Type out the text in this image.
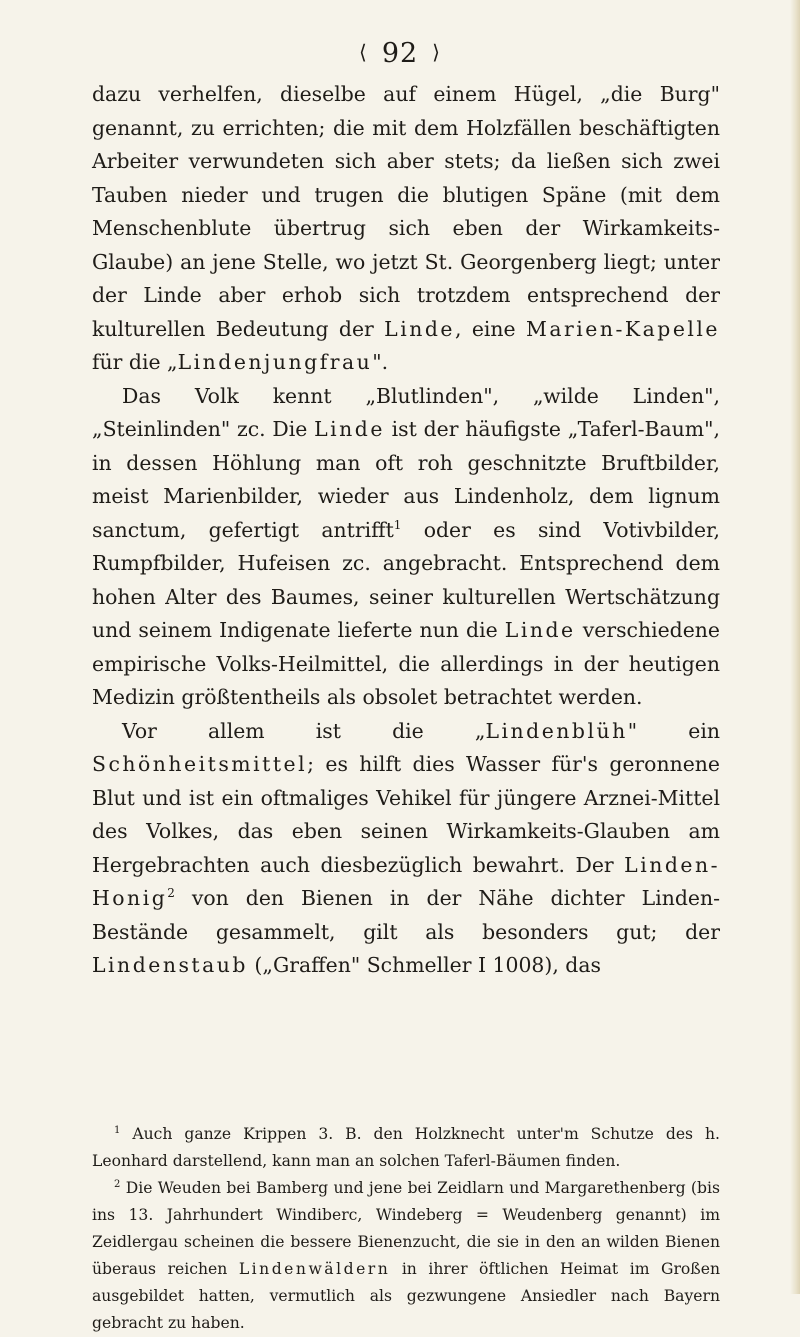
⟨ 92 ⟩

dazu verhelfen, dieselbe auf einem Hügel, „die Burg" genannt, zu errichten; die mit dem Holzfällen beschäftigten Arbeiter verwundeten sich aber stets; da ließen sich zwei Tauben nieder und trugen die blutigen Späne (mit dem Menschenblute übertrug sich eben der Wirkamkeits-Glaube) an jene Stelle, wo jetzt St. Georgenberg liegt; unter der Linde aber erhob sich trotzdem entsprechend der kulturellen Bedeutung der Linde, eine Marien-Kapelle für die „Lindenjungfrau".

Das Volk kennt „Blutlinden", „wilde Linden", „Steinlinden" zc. Die Linde ist der häufigste „Taferl-Baum", in dessen Höhlung man oft roh geschnitzte Bruftbilder, meist Marienbilder, wieder aus Lindenholz, dem lignum sanctum, gefertigt antrifft$^1$ oder es sind Votivbilder, Rumpfbilder, Hufeisen zc. angebracht. Entsprechend dem hohen Alter des Baumes, seiner kulturellen Wertschätzung und seinem Indigenate lieferte nun die Linde verschiedene empirische Volks-Heilmittel, die allerdings in der heutigen Medizin größtentheils als obsolet betrachtet werden.

Vor allem ist die „Lindenblüh" ein Schönheitsmittel; es hilft dies Wasser für's geronnene Blut und ist ein oftmaliges Vehikel für jüngere Arznei-Mittel des Volkes, das eben seinen Wirkamkeits-Glauben am Hergebrachten auch diesbezüglich bewahrt. Der Linden-Honig$^2$ von den Bienen in der Nähe dichter Linden-Beständе gesammelt, gilt als besonders gut; der Lindenstaub („Graffen" Schmeller I 1008), das

$^1$ Auch ganze Krippen 3. B. den Holzknecht unter'm Schutze des h. Leonhard darstellend, kann man an solchen Taferl-Bäumen finden.

$^2$ Die Weuden bei Bamberg und jene bei Zeidlarn und Margarethenberg (bis ins 13. Jahrhundert Windiberc, Windeberg = Weudenberg genannt) im Zeidlergau scheinen die bessere Bienenzucht, die sie in den an wilden Bienen überaus reichen Lindenwäldern in ihrer öftlichen Heimat im Großen ausgebildet hatten, vermutlich als gezwungene Ansiedler nach Bayern gebracht zu haben.
